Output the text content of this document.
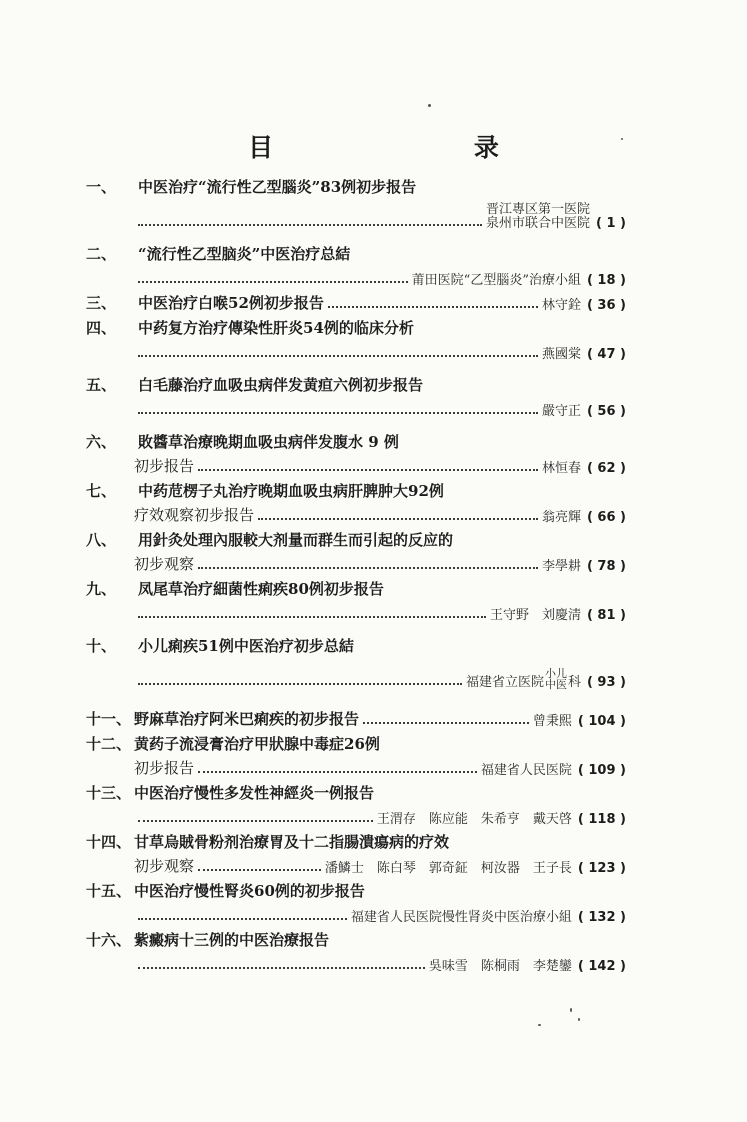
目 录
一、	中医治疗“流行性乙型腦炎”83例初步报告
晋江專区第一医院
泉州市联合中医院 ( 1 )
二、	“流行性乙型脑炎”中医治疗总結
莆田医院“乙型腦炎”治療小組 ( 18 )
三、	中医治疗白喉52例初步报告	林守銓 ( 36 )
四、	中药复方治疗傳染性肝炎54例的临床分析
燕國棠 ( 47 )
五、	白毛藤治疗血吸虫病伴发黄疸六例初步报告
嚴守正 ( 56 )
六、	敗醬草治療晚期血吸虫病伴发腹水 9 例
初步报告	林恒春 ( 62 )
七、	中药苊楞子丸治疗晚期血吸虫病肝脾肿大92例
疗效观察初步报告	翁亮輝 ( 66 )
八、	用針灸处理內服較大剂量而群生而引起的反应的
初步观察	李學耕 ( 78 )
九、	凤尾草治疗細菌性痢疾80例初步报告
王守野　刘慶淸 ( 81 )
十、	小儿痢疾51例中医治疗初步总結
福建省立医院
小儿
中医 科 ( 93 )
十一、 野麻草治疗阿米巴痢疾的初步报告	曾秉熙 ( 104 )
十二、 黄药子流浸膏治疗甲狀腺中毒症26例
初步报告	福建省人民医院 ( 109 )
十三、 中医治疗慢性多发性神經炎一例报告
王渭存　陈应能　朱希亨　戴天啓 ( 118 )
十四、 甘草烏賊骨粉剂治療胃及十二指腸潰瘍病的疗效
初步观察	潘鱗士　陈白琴　郭奇鉦　柯汝器　王子長 ( 123 )
十五、 中医治疗慢性腎炎60例的初步报告
福建省人民医院慢性肾炎中医治療小組 ( 132 )
十六、 紫癜病十三例的中医治療报告
吳味雪　陈桐雨　李楚鑾 ( 142 )
